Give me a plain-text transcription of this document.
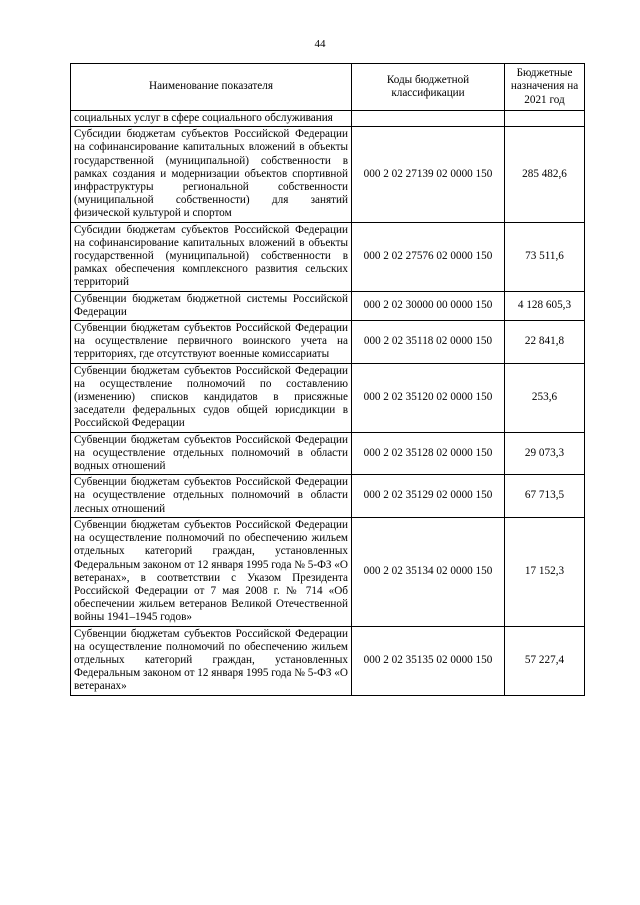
44
Наименование показателя	Коды бюджетной классификации	Бюджетные назначения на 2021 год
социальных услуг в сфере социального обслуживания		
Субсидии бюджетам субъектов Российской Федерации на софинансирование капитальных вложений в объекты государственной (муниципальной) собственности в рамках создания и модернизации объектов спортивной инфраструктуры региональной собственности (муниципальной собственности) для занятий физической культурой и спортом	000 2 02 27139 02 0000 150	285 482,6
Субсидии бюджетам субъектов Российской Федерации на софинансирование капитальных вложений в объекты государственной (муниципальной) собственности в рамках обеспечения комплексного развития сельских территорий	000 2 02 27576 02 0000 150	73 511,6
Субвенции бюджетам бюджетной системы Российской Федерации	000 2 02 30000 00 0000 150	4 128 605,3
Субвенции бюджетам субъектов Российской Федерации на осуществление первичного воинского учета на территориях, где отсутствуют военные комиссариаты	000 2 02 35118 02 0000 150	22 841,8
Субвенции бюджетам субъектов Российской Федерации на осуществление полномочий по составлению (изменению) списков кандидатов в присяжные заседатели федеральных судов общей юрисдикции в Российской Федерации	000 2 02 35120 02 0000 150	253,6
Субвенции бюджетам субъектов Российской Федерации на осуществление отдельных полномочий в области водных отношений	000 2 02 35128 02 0000 150	29 073,3
Субвенции бюджетам субъектов Российской Федерации на осуществление отдельных полномочий в области лесных отношений	000 2 02 35129 02 0000 150	67 713,5
Субвенции бюджетам субъектов Российской Федерации на осуществление полномочий по обеспечению жильем отдельных категорий граждан, установленных Федеральным законом от 12 января 1995 года № 5-ФЗ «О ветеранах», в соответствии с Указом Президента Российской Федерации от 7 мая 2008 г. № 714 «Об обеспечении жильем ветеранов Великой Отечественной войны 1941–1945 годов»	000 2 02 35134 02 0000 150	17 152,3
Субвенции бюджетам субъектов Российской Федерации на осуществление полномочий по обеспечению жильем отдельных категорий граждан, установленных Федеральным законом от 12 января 1995 года № 5-ФЗ «О ветеранах»	000 2 02 35135 02 0000 150	57 227,4
